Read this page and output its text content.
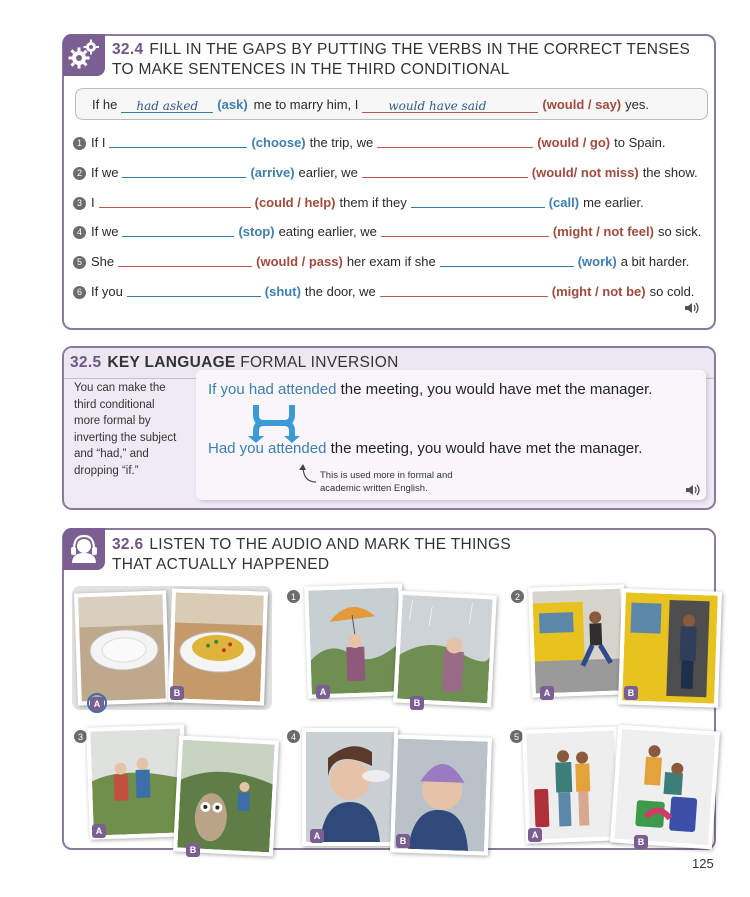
32.4 FILL IN THE GAPS BY PUTTING THE VERBS IN THE CORRECT TENSES
TO MAKE SENTENCES IN THE THIRD CONDITIONAL
If he	had asked	(ask) me to marry him, I	would have said	(would / say) yes.
1 If I	(choose) the trip, we	(would / go) to Spain.
2 If we	(arrive) earlier, we	(would/ not miss) the show.
3 I	(could / help) them if they	(call) me earlier.
4 If we	(stop) eating earlier, we	(might / not feel) so sick.
5 She	(would / pass) her exam if she	(work) a bit harder.
6 If you	(shut) the door, we	(might / not be) so cold.
32.5 KEY LANGUAGE FORMAL INVERSION
You can make the third conditional more formal by inverting the subject and “had,” and dropping “if.”
If you had attended the meeting, you would have met the manager.
Had you attended the meeting, you would have met the manager.
This is used more in formal and academic written English.
32.6 LISTEN TO THE AUDIO AND MARK THE THINGS
THAT ACTUALLY HAPPENED
A
B
1
A
B
2
A	B
3
A
B
4
A	B
5
A
B
125
